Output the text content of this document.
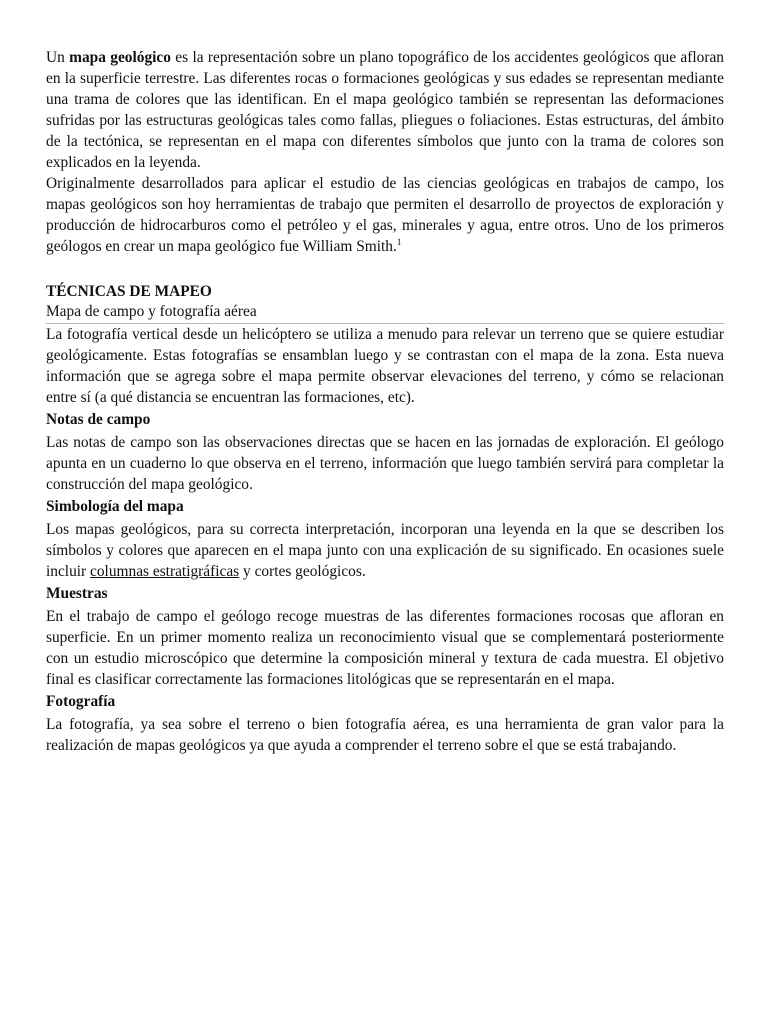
Un mapa geológico es la representación sobre un plano topográfico de los accidentes geológicos que afloran en la superficie terrestre. Las diferentes rocas o formaciones geológicas y sus edades se representan mediante una trama de colores que las identifican. En el mapa geológico también se representan las deformaciones sufridas por las estructuras geológicas tales como fallas, pliegues o foliaciones. Estas estructuras, del ámbito de la tectónica, se representan en el mapa con diferentes símbolos que junto con la trama de colores son explicados en la leyenda.

Originalmente desarrollados para aplicar el estudio de las ciencias geológicas en trabajos de campo, los mapas geológicos son hoy herramientas de trabajo que permiten el desarrollo de proyectos de exploración y producción de hidrocarburos como el petróleo y el gas, minerales y agua, entre otros. Uno de los primeros geólogos en crear un mapa geológico fue William Smith.$^1$

TÉCNICAS DE MAPEO
Mapa de campo y fotografía aérea

La fotografía vertical desde un helicóptero se utiliza a menudo para relevar un terreno que se quiere estudiar geológicamente. Estas fotografías se ensamblan luego y se contrastan con el mapa de la zona. Esta nueva información que se agrega sobre el mapa permite observar elevaciones del terreno, y cómo se relacionan entre sí (a qué distancia se encuentran las formaciones, etc).

Notas de campo

Las notas de campo son las observaciones directas que se hacen en las jornadas de exploración. El geólogo apunta en un cuaderno lo que observa en el terreno, información que luego también servirá para completar la construcción del mapa geológico.

Simbología del mapa

Los mapas geológicos, para su correcta interpretación, incorporan una leyenda en la que se describen los símbolos y colores que aparecen en el mapa junto con una explicación de su significado. En ocasiones suele incluir columnas estratigráficas y cortes geológicos.

Muestras

En el trabajo de campo el geólogo recoge muestras de las diferentes formaciones rocosas que afloran en superficie. En un primer momento realiza un reconocimiento visual que se complementará posteriormente con un estudio microscópico que determine la composición mineral y textura de cada muestra. El objetivo final es clasificar correctamente las formaciones litológicas que se representarán en el mapa.

Fotografía

La fotografía, ya sea sobre el terreno o bien fotografía aérea, es una herramienta de gran valor para la realización de mapas geológicos ya que ayuda a comprender el terreno sobre el que se está trabajando.
